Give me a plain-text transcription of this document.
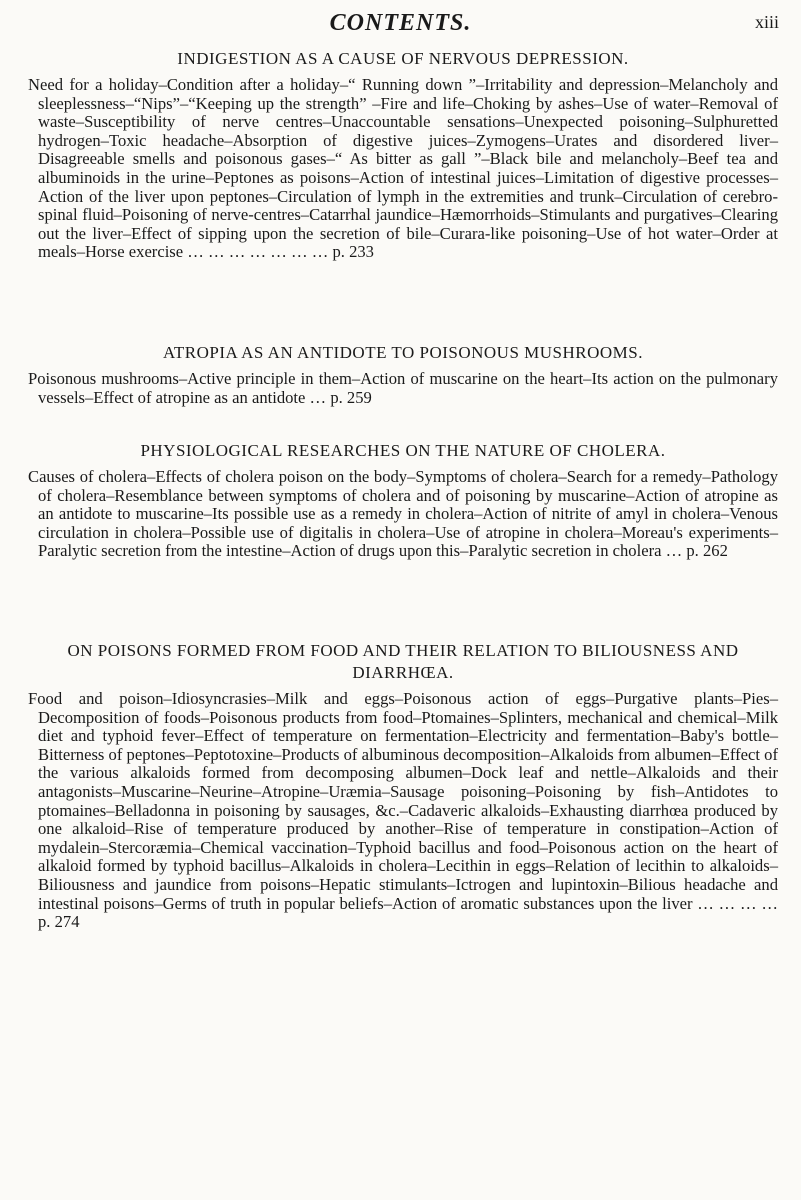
CONTENTS.	xiii
INDIGESTION AS A CAUSE OF NERVOUS DEPRESSION.

Need for a holiday–Condition after a holiday–“ Running down ”–Irritability and depression–Melancholy and sleeplessness–“Nips”–“Keeping up the strength” –Fire and life–Choking by ashes–Use of water–Removal of waste–Susceptibility of nerve centres–Unaccountable sensations–Unexpected poisoning–Sulphuretted hydrogen–Toxic headache–Absorption of digestive juices–Zymogens–Urates and disordered liver–Disagreeable smells and poisonous gases–“ As bitter as gall ”–Black bile and melancholy–Beef tea and albuminoids in the urine–Peptones as poisons–Action of intestinal juices–Limitation of digestive processes–Action of the liver upon peptones–Circulation of lymph in the extremities and trunk–Circulation of cerebro-spinal fluid–Poisoning of nerve-centres–Catarrhal jaundice–Hæmorrhoids–Stimulants and purgatives–Clearing out the liver–Effect of sipping upon the secretion of bile–Curara-like poisoning–Use of hot water–Order at meals–Horse exercise … … … … … … … p. 233

ATROPIA AS AN ANTIDOTE TO POISONOUS MUSHROOMS.

Poisonous mushrooms–Active principle in them–Action of muscarine on the heart–Its action on the pulmonary vessels–Effect of atropine as an antidote … p. 259

PHYSIOLOGICAL RESEARCHES ON THE NATURE OF CHOLERA.

Causes of cholera–Effects of cholera poison on the body–Symptoms of cholera–Search for a remedy–Pathology of cholera–Resemblance between symptoms of cholera and of poisoning by muscarine–Action of atropine as an antidote to muscarine–Its possible use as a remedy in cholera–Action of nitrite of amyl in cholera–Venous circulation in cholera–Possible use of digitalis in cholera–Use of atropine in cholera–Moreau's experiments–Paralytic secretion from the intestine–Action of drugs upon this–Paralytic secretion in cholera … p. 262

ON POISONS FORMED FROM FOOD AND THEIR RELATION TO BILIOUSNESS AND DIARRHŒA.

Food and poison–Idiosyncrasies–Milk and eggs–Poisonous action of eggs–Purgative plants–Pies–Decomposition of foods–Poisonous products from food–Ptomaines–Splinters, mechanical and chemical–Milk diet and typhoid fever–Effect of temperature on fermentation–Electricity and fermentation–Baby's bottle–Bitterness of peptones–Peptotoxine–Products of albuminous decomposition–Alkaloids from albumen–Effect of the various alkaloids formed from decomposing albumen–Dock leaf and nettle–Alkaloids and their antagonists–Muscarine–Neurine–Atropine–Uræmia–Sausage poisoning–Poisoning by fish–Antidotes to ptomaines–Belladonna in poisoning by sausages, &c.–Cadaveric alkaloids–Exhausting diarrhœa produced by one alkaloid–Rise of temperature produced by another–Rise of temperature in constipation–Action of mydalein–Stercoræmia–Chemical vaccination–Typhoid bacillus and food–Poisonous action on the heart of alkaloid formed by typhoid bacillus–Alkaloids in cholera–Lecithin in eggs–Relation of lecithin to alkaloids–Biliousness and jaundice from poisons–Hepatic stimulants–Ictrogen and lupintoxin–Bilious headache and intestinal poisons–Germs of truth in popular beliefs–Action of aromatic substances upon the liver … … … … p. 274
